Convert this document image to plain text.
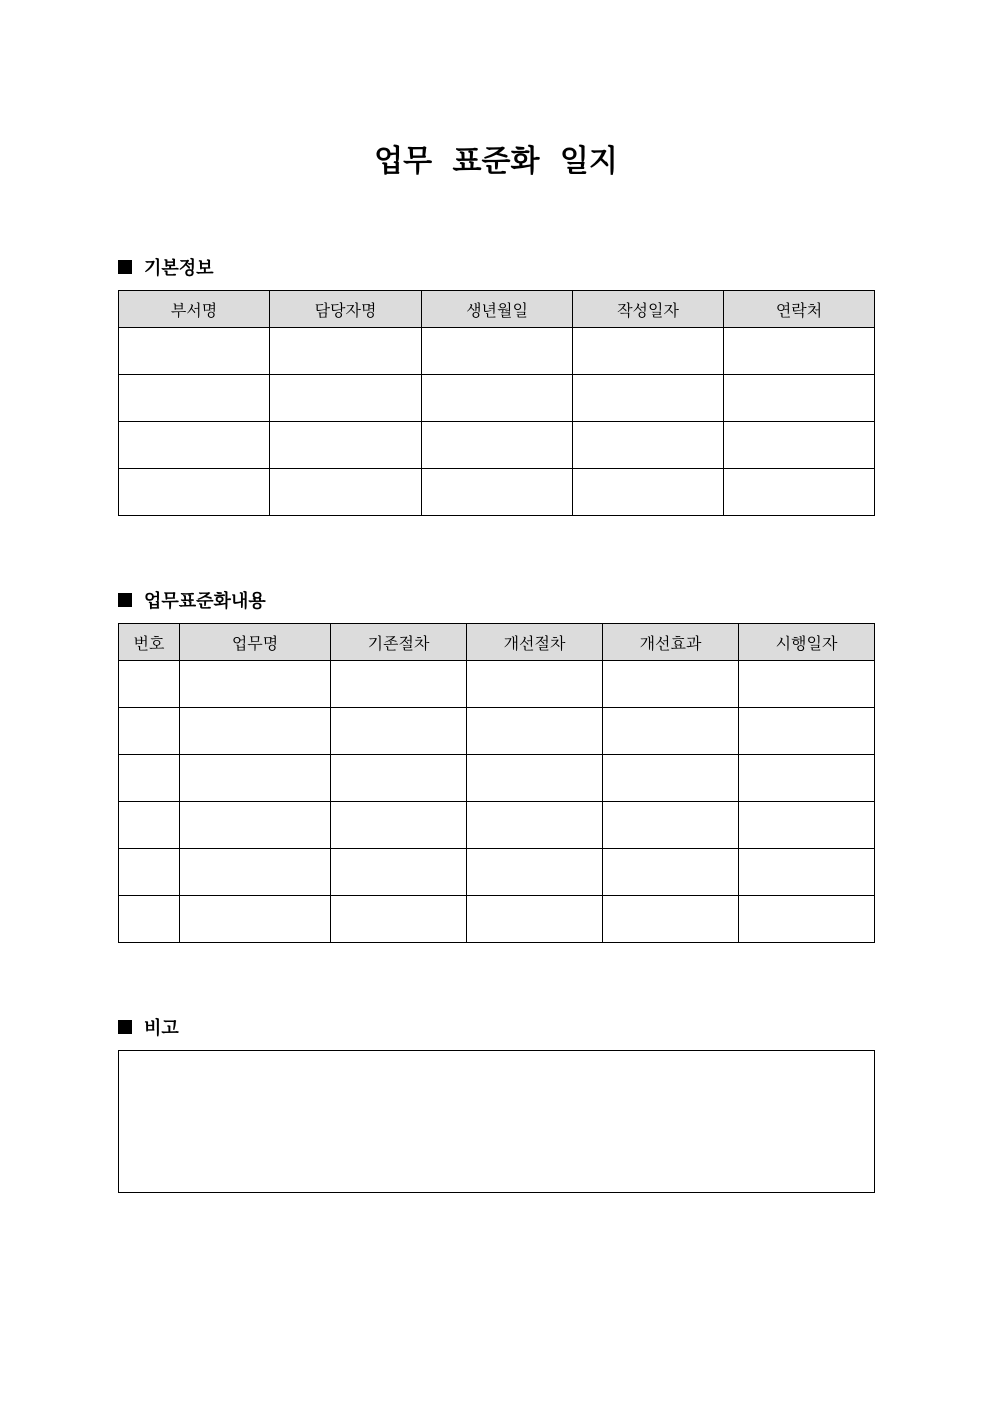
업무 표준화 일지
기본정보
부서명	담당자명	생년월일	작성일자	연락처

업무표준화내용
번호	업무명	기존절차	개선절차	개선효과	시행일자

비고
